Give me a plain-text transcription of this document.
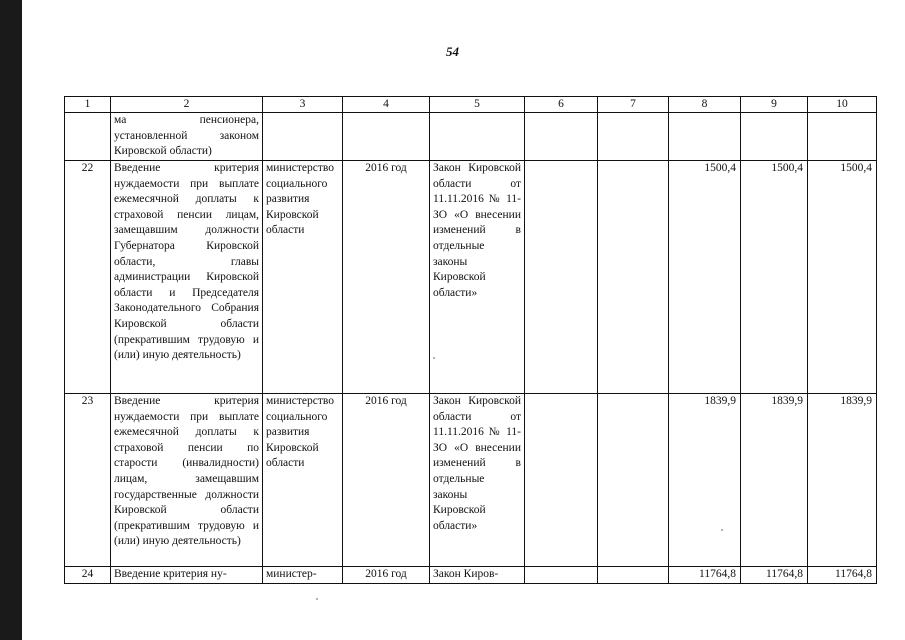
54
1	2	3	4	5	6	7	8	9	10
	ма пенсионера, установленной законом Кировской области)								
22	Введение критерия нуждаемости при выплате ежемесячной доплаты к страховой пенсии лицам, замещавшим должности Губернатора Кировской области, главы администрации Кировской области и Председателя Законодательного Собрания Кировской области (прекратившим трудовую и (или) иную деятельность)	министерство социального развития Кировской области	2016 год	Закон Кировской области от 11.11.2016 № 11-ЗО «О внесении изменений в отдельные законы Кировской области»			1500,4	1500,4	1500,4
23	Введение критерия нуждаемости при выплате ежемесячной доплаты к страховой пенсии по старости (инвалидности) лицам, замещавшим государственные должности Кировской области (прекратившим трудовую и (или) иную деятельность)	министерство социального развития Кировской области	2016 год	Закон Кировской области от 11.11.2016 № 11-ЗО «О внесении изменений в отдельные законы Кировской области»			1839,9	1839,9	1839,9
24	Введение критерия ну-	министер-	2016 год	Закон Киров-			11764,8	11764,8	11764,8
